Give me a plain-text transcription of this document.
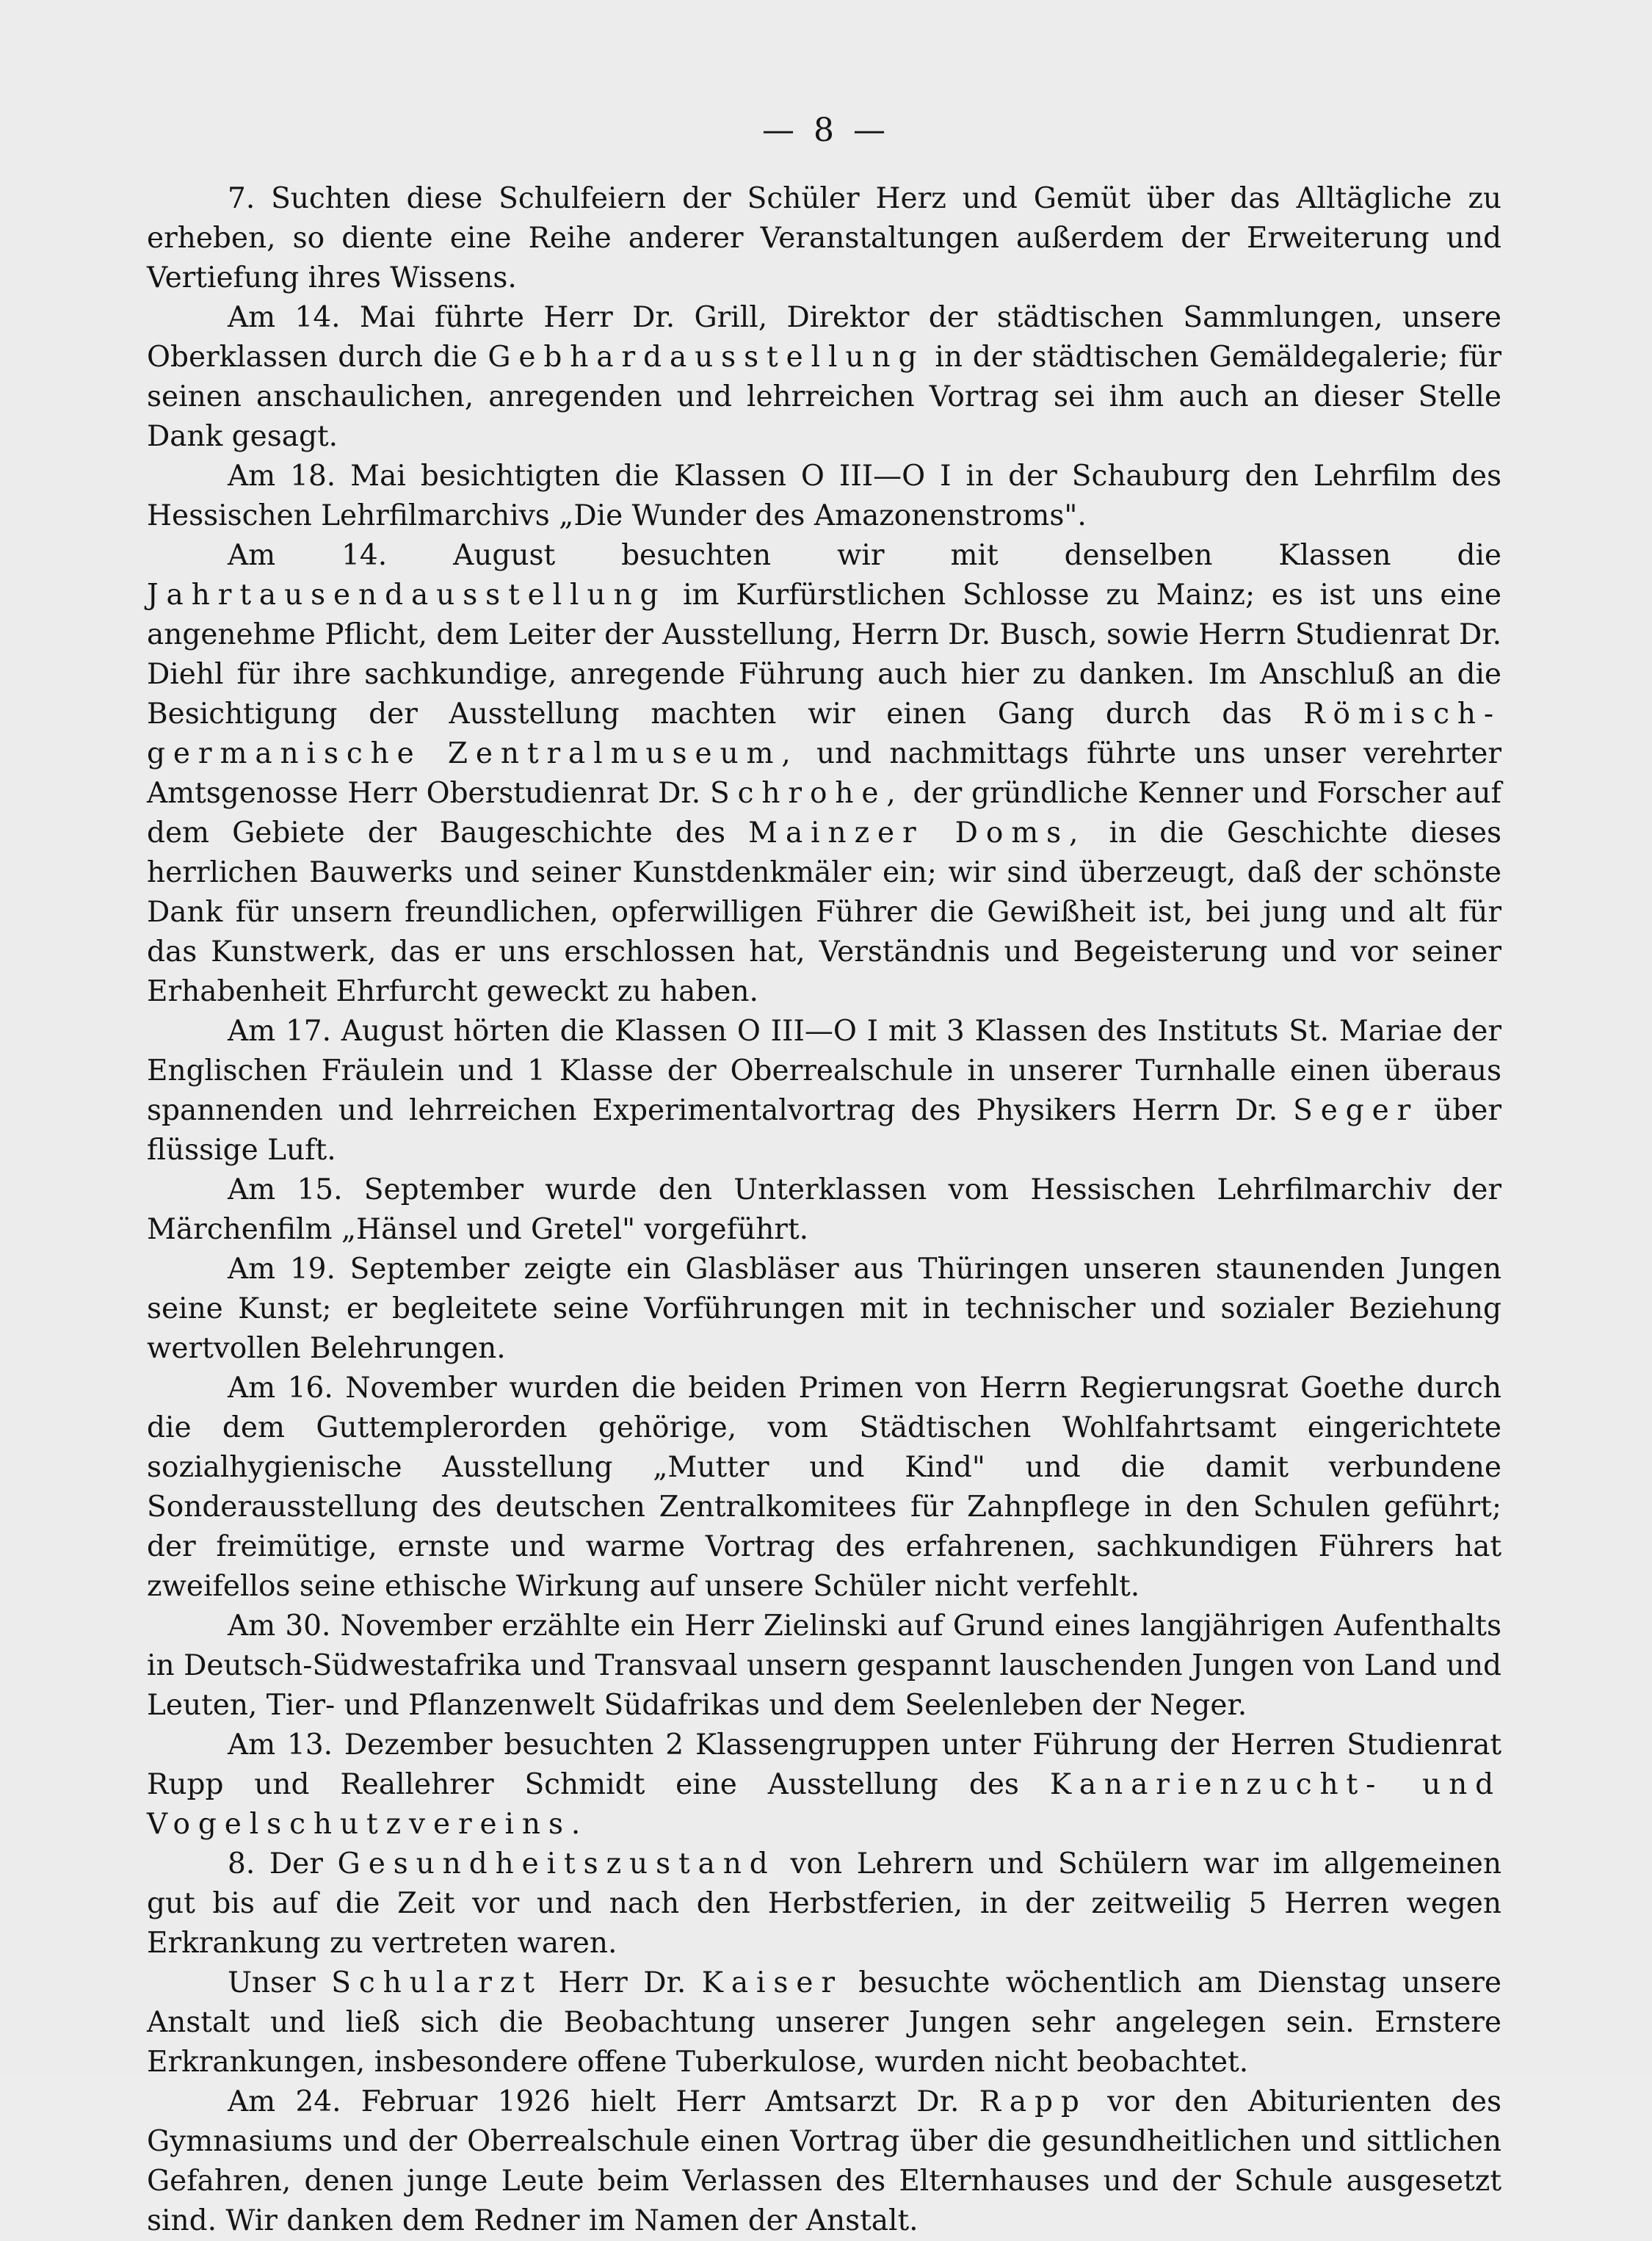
— 8 —

7. Suchten diese Schulfeiern der Schüler Herz und Gemüt über das Alltägliche zu erheben, so diente eine Reihe anderer Veranstaltungen außerdem der Erweiterung und Vertiefung ihres Wissens.

Am 14. Mai führte Herr Dr. Grill, Direktor der städtischen Sammlungen, unsere Oberklassen durch die Gebhardausstellung in der städtischen Gemäldegalerie; für seinen anschaulichen, anregenden und lehrreichen Vortrag sei ihm auch an dieser Stelle Dank gesagt.

Am 18. Mai besichtigten die Klassen O III—O I in der Schauburg den Lehrfilm des Hessischen Lehrfilmarchivs „Die Wunder des Amazonenstroms".

Am 14. August besuchten wir mit denselben Klassen die Jahrtausendausstellung im Kurfürstlichen Schlosse zu Mainz; es ist uns eine angenehme Pflicht, dem Leiter der Ausstellung, Herrn Dr. Busch, sowie Herrn Studienrat Dr. Diehl für ihre sachkundige, anregende Führung auch hier zu danken. Im Anschluß an die Besichtigung der Ausstellung machten wir einen Gang durch das Römisch-germanische Zentralmuseum, und nachmittags führte uns unser verehrter Amtsgenosse Herr Oberstudienrat Dr. Schrohe, der gründliche Kenner und Forscher auf dem Gebiete der Baugeschichte des Mainzer Doms, in die Geschichte dieses herrlichen Bauwerks und seiner Kunstdenkmäler ein; wir sind überzeugt, daß der schönste Dank für unsern freundlichen, opferwilligen Führer die Gewißheit ist, bei jung und alt für das Kunstwerk, das er uns erschlossen hat, Verständnis und Begeisterung und vor seiner Erhabenheit Ehrfurcht geweckt zu haben.

Am 17. August hörten die Klassen O III—O I mit 3 Klassen des Instituts St. Mariae der Englischen Fräulein und 1 Klasse der Oberrealschule in unserer Turnhalle einen überaus spannenden und lehrreichen Experimentalvortrag des Physikers Herrn Dr. Seger über flüssige Luft.

Am 15. September wurde den Unterklassen vom Hessischen Lehrfilmarchiv der Märchenfilm „Hänsel und Gretel" vorgeführt.

Am 19. September zeigte ein Glasbläser aus Thüringen unseren staunenden Jungen seine Kunst; er begleitete seine Vorführungen mit in technischer und sozialer Beziehung wertvollen Belehrungen.

Am 16. November wurden die beiden Primen von Herrn Regierungsrat Goethe durch die dem Guttemplerorden gehörige, vom Städtischen Wohlfahrtsamt eingerichtete sozialhygienische Ausstellung „Mutter und Kind" und die damit verbundene Sonderausstellung des deutschen Zentralkomitees für Zahnpflege in den Schulen geführt; der freimütige, ernste und warme Vortrag des erfahrenen, sachkundigen Führers hat zweifellos seine ethische Wirkung auf unsere Schüler nicht verfehlt.

Am 30. November erzählte ein Herr Zielinski auf Grund eines langjährigen Aufenthalts in Deutsch-Südwestafrika und Transvaal unsern gespannt lauschenden Jungen von Land und Leuten, Tier- und Pflanzenwelt Südafrikas und dem Seelenleben der Neger.

Am 13. Dezember besuchten 2 Klassengruppen unter Führung der Herren Studienrat Rupp und Reallehrer Schmidt eine Ausstellung des Kanarienzucht- und Vogelschutzvereins.

8. Der Gesundheitszustand von Lehrern und Schülern war im allgemeinen gut bis auf die Zeit vor und nach den Herbstferien, in der zeitweilig 5 Herren wegen Erkrankung zu vertreten waren.

Unser Schularzt Herr Dr. Kaiser besuchte wöchentlich am Dienstag unsere Anstalt und ließ sich die Beobachtung unserer Jungen sehr angelegen sein. Ernstere Erkrankungen, insbesondere offene Tuberkulose, wurden nicht beobachtet.

Am 24. Februar 1926 hielt Herr Amtsarzt Dr. Rapp vor den Abiturienten des Gymnasiums und der Oberrealschule einen Vortrag über die gesundheitlichen und sittlichen Gefahren, denen junge Leute beim Verlassen des Elternhauses und der Schule ausgesetzt sind. Wir danken dem Redner im Namen der Anstalt.
